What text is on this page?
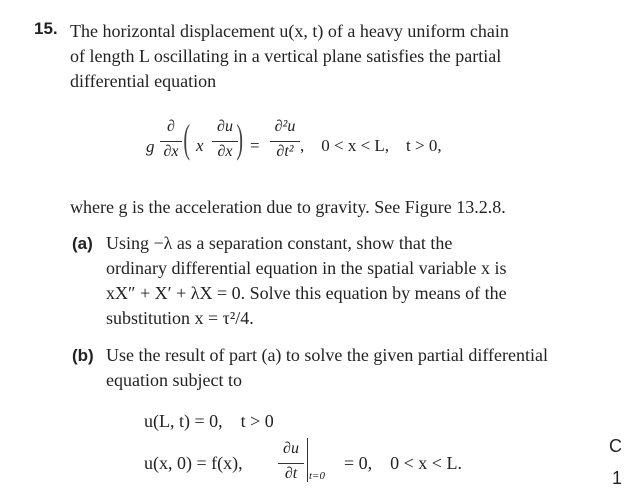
15. The horizontal displacement u(x, t) of a heavy uniform chain
of length L oscillating in a vertical plane satisfies the partial
differential equation
g
∂
∂x ( x
∂u
∂x ) =
∂²u
∂t² ,    0 < x < L,    t > 0,
where g is the acceleration due to gravity. See Figure 13.2.8.
(a) Using −λ as a separation constant, show that the
ordinary differential equation in the spatial variable x is
xX″ + X′ + λX = 0. Solve this equation by means of the
substitution x = τ²/4.
(b) Use the result of part (a) to solve the given partial differential
equation subject to
u(L, t) = 0,    t > 0
u(x, 0) = f(x),
∂u
∂t	t=0
= 0,    0 < x < L.
C
1
